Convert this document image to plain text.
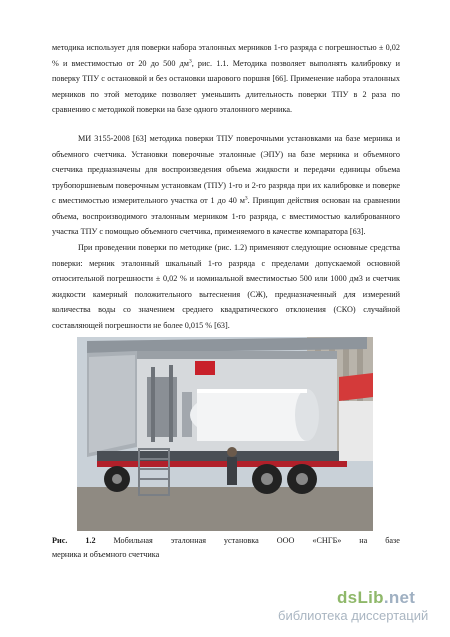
методика использует для поверки набора эталонных мерников 1-го разряда с погрешностью ± 0,02 % и вместимостью от 20 до 500 $дм^3$, рис. 1.1. Методика позволяет выполнять калибровку и поверку ТПУ с остановкой и без остановки шарового поршня [66]. Применение набора эталонных мерников по этой методике позволяет уменьшить длительность поверки ТПУ в 2 раза по сравнению с методикой поверки на базе одного эталонного мерника.

МИ 3155-2008 [63] методика поверки ТПУ поверочными установками на базе мерника и объемного счетчика. Установки поверочные эталонные (ЭПУ) на базе мерника и объемного счетчика предназначены для воспроизведения объема жидкости и передачи единицы объема трубопоршневым поверочным установкам (ТПУ) 1-го и 2-го разряда при их калибровке и поверке с вместимостью измерительного участка от 1 до 40 $м^3$. Принцип действия основан на сравнении объема, воспроизводимого эталонным мерником 1-го разряда, с вместимостью калиброванного участка ТПУ с помощью объемного счетчика, применяемого в качестве компаратора [63].

При проведении поверки по методике (рис. 1.2) применяют следующие основные средства поверки: мерник эталонный шкальный 1-го разряда с пределами допускаемой основной относительной погрешности ± 0,02 % и номинальной вместимостью 500 или 1000 дм3 и счетчик жидкости камерный положительного вытеснения (СЖ), предназначенный для измерений количества воды со значением среднего квадратического отклонения (СКО) случайной составляющей погрешности не более 0,015 % [63].

Рис. 1.2 Мобильная эталонная установка ООО «СНГБ» на базе
мерника и объемного счетчика
dsLib.net
библиотека диссертаций
